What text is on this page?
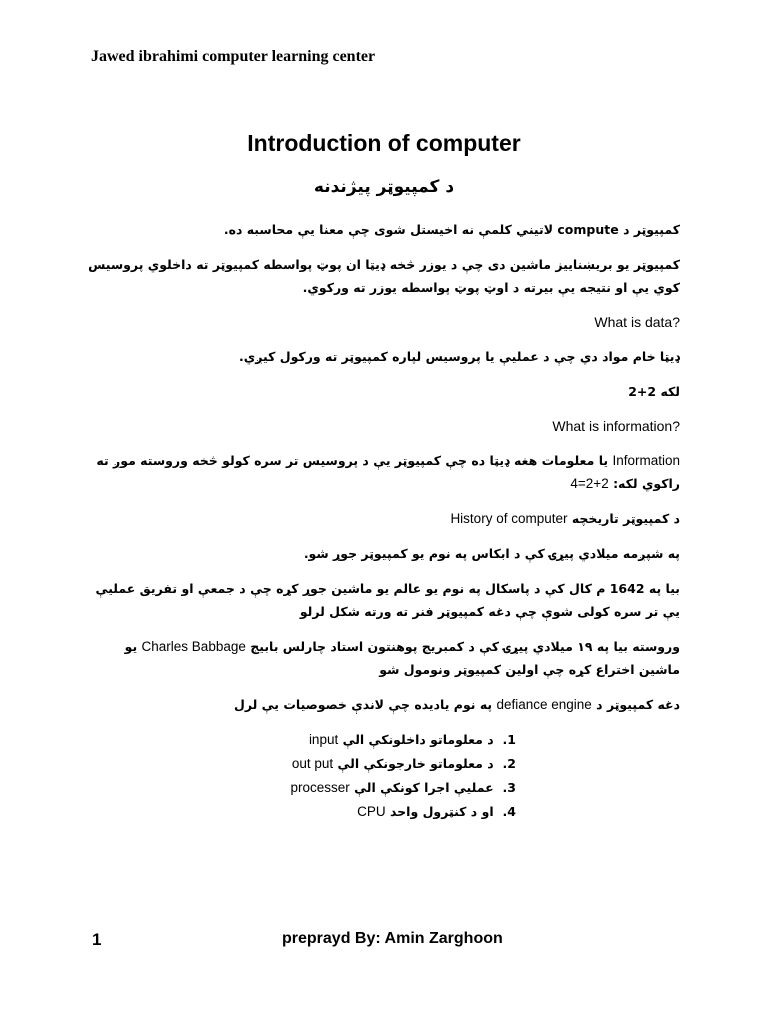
Jawed ibrahimi computer learning center
Introduction of computer
د کمپیوټر پیژندنه
کمپیوټر د compute لاتیني کلمې نه اخیستل شوی چې معنا یې محاسبه ده.
کمپیوټر یو بریښنایيز ماشین دی چې د یوزر څخه ډیټا ان پوټ پواسطه کمپیوټر ته داخلوي پروسیس کوي یې او نتیجه یې بیرته د اوټ پوټ پواسطه یوزر ته ورکوي.
What is data?
ډیټا خام مواد دي چې د عملیې یا پروسیس لپاره کمپیوټر ته ورکول کیږي.
لکه 2+2
What is information?
Information یا معلومات هغه ډیټا ده چې کمپیوټر یې د پروسیس تر سره کولو څخه وروسته موږ ته راکوي لکه: 2+2=4
د کمپیوټر تاریخچه History of computer
په شپږمه میلادي پیړۍ کې د ابکاس په نوم یو کمپیوټر جوړ شو.
بیا په 1642 م کال کې د پاسکال په نوم یو عالم یو ماشین جوړ کړه چې د جمعې او تفریق عملیې یې تر سره کولی شوې چې دغه کمپیوټر فنر ته ورته شکل لرلو
وروسته بیا په ۱۹ میلادي پیړۍ کې د کمبریج پوهنتون استاد چارلس بابیج Charles Babbage یو ماشین اختراع کړه چې اولین کمپیوټر ونومول شو
دغه کمپیوټر د defiance engine په نوم یادیده چې لاندې خصوصیات یې لرل
1. د معلوماتو داخلونکې الې input
2. د معلوماتو خارجونکې الې out put
3. عملیې اجرا کونکې الې processer
4. او د کنټرول واحد CPU
1	preprayd By: Amin Zarghoon
